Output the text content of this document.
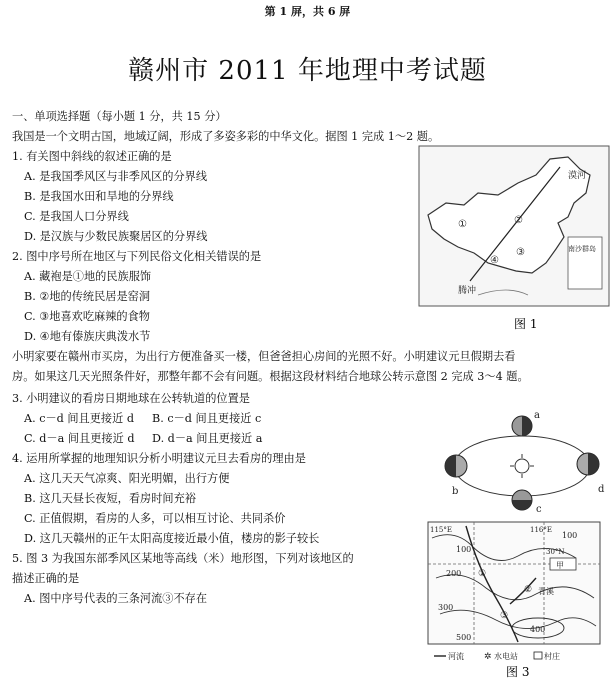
第 1 屏，共 6 屏
赣州市 2011 年地理中考试题
一、单项选择题（每小题 1 分，共 15 分）
我国是一个文明古国，地域辽阔，形成了多姿多彩的中华文化。据图 1 完成 1～2 题。
1. 有关图中斜线的叙述正确的是
A. 是我国季风区与非季风区的分界线
B. 是我国水田和旱地的分界线
C. 是我国人口分界线
D. 是汉族与少数民族聚居区的分界线
2. 图中序号所在地区与下列民俗文化相关错误的是
A. 藏袍是①地的民族服饰
B. ②地的传统民居是窑洞
C. ③地喜欢吃麻辣的食物
D. ④地有傣族庆典泼水节
小明家要在赣州市买房，为出行方便准备买一楼，但爸爸担心房间的光照不好。小明建议元旦假期去看
房。如果这几天光照条件好，那整年都不会有问题。根据这段材料结合地球公转示意图 2 完成 3～4 题。
3. 小明建议的看房日期地球在公转轨道的位置是
A. c－d 间且更接近 d B. c－d 间且更接近 c
C. d－a 间且更接近 d D. d－a 间且更接近 a
4. 运用所掌握的地理知识分析小明建议元旦去看房的理由是
A. 这几天天气凉爽、阳光明媚，出行方便
B. 这几天昼长夜短，看房时间充裕
C. 正值假期，看房的人多，可以相互讨论、共同杀价
D. 这几天赣州的正午太阳高度接近最小值，楼房的影子较长
5. 图 3 为我国东部季风区某地等高线（米）地形图，下列对该地区的
描述正确的是
A. 图中序号代表的三条河流③不存在
漠河
腾冲
南沙群岛
①	②
③
④
图 1
a
b
c
d
115°E	116°E
30°N
100
100
200
300
400
500
①
②
③
青溪
甲
河流 ✲ 水电站	村庄
图 3
